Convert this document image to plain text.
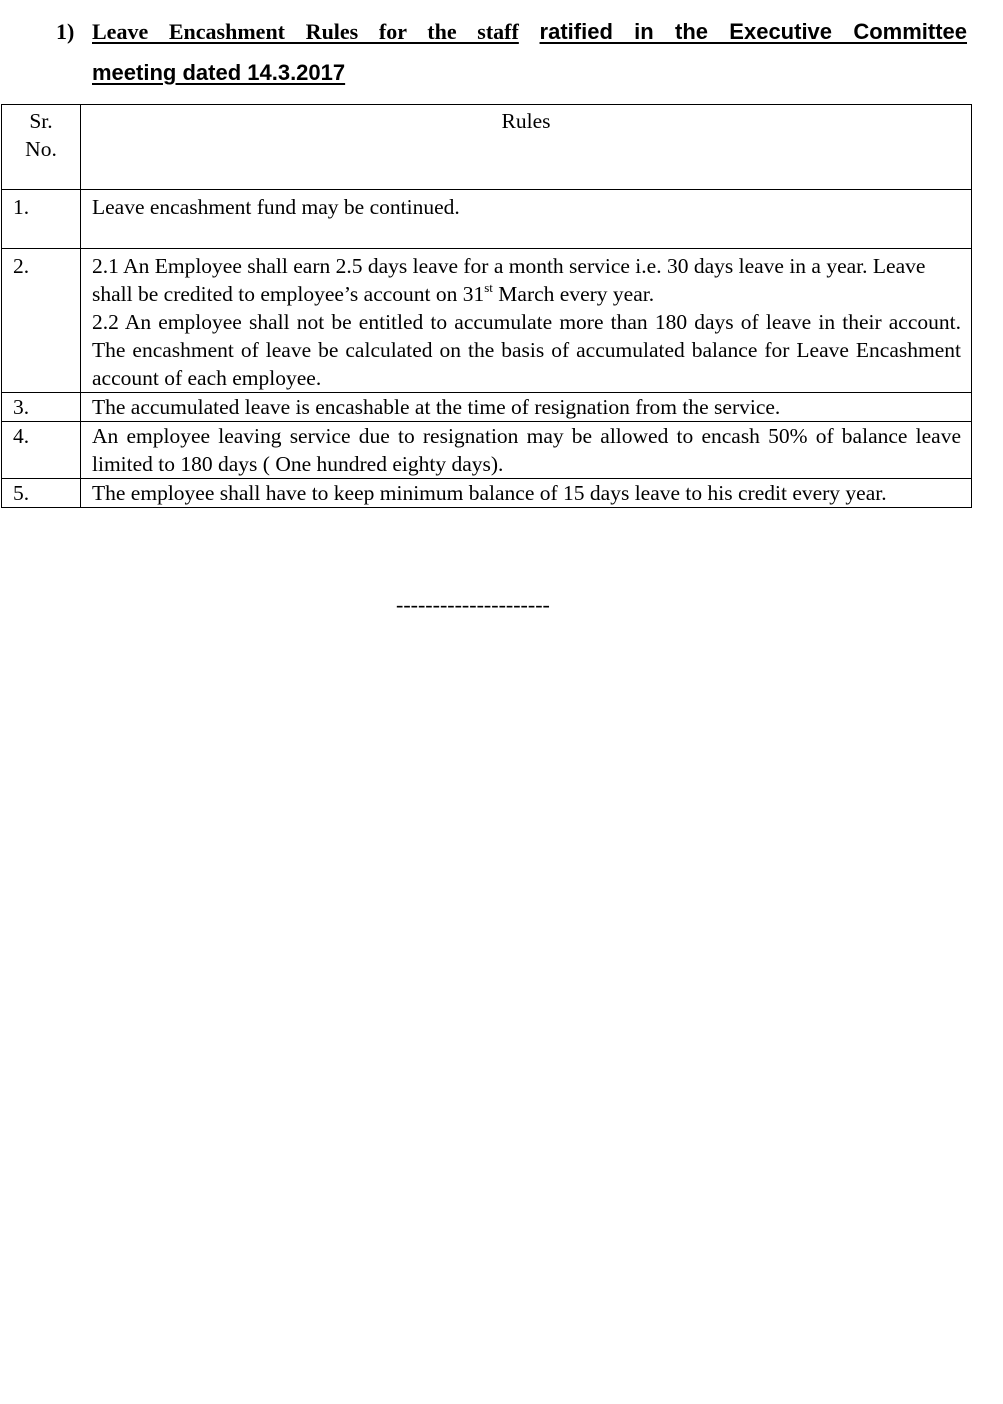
1) Leave Encashment Rules for the staff ratified in the Executive Committee
meeting dated 14.3.2017
Sr.
No.	Rules
1.	Leave encashment fund may be continued.
2.	2.1 An Employee shall earn 2.5 days leave for a month service i.e. 30 days leave in a year. Leave shall be credited to employee’s account on 31st March every year.
2.2 An employee shall not be entitled to accumulate more than 180 days of leave in their account. The encashment of leave be calculated on the basis of accumulated balance for Leave Encashment account of each employee.

3.	The accumulated leave is encashable at the time of resignation from the service.
4.	An employee leaving service due to resignation may be allowed to encash 50% of balance leave limited to 180 days ( One hundred eighty days).
5.	The employee shall have to keep minimum balance of 15 days leave to his credit every year.
---------------------
